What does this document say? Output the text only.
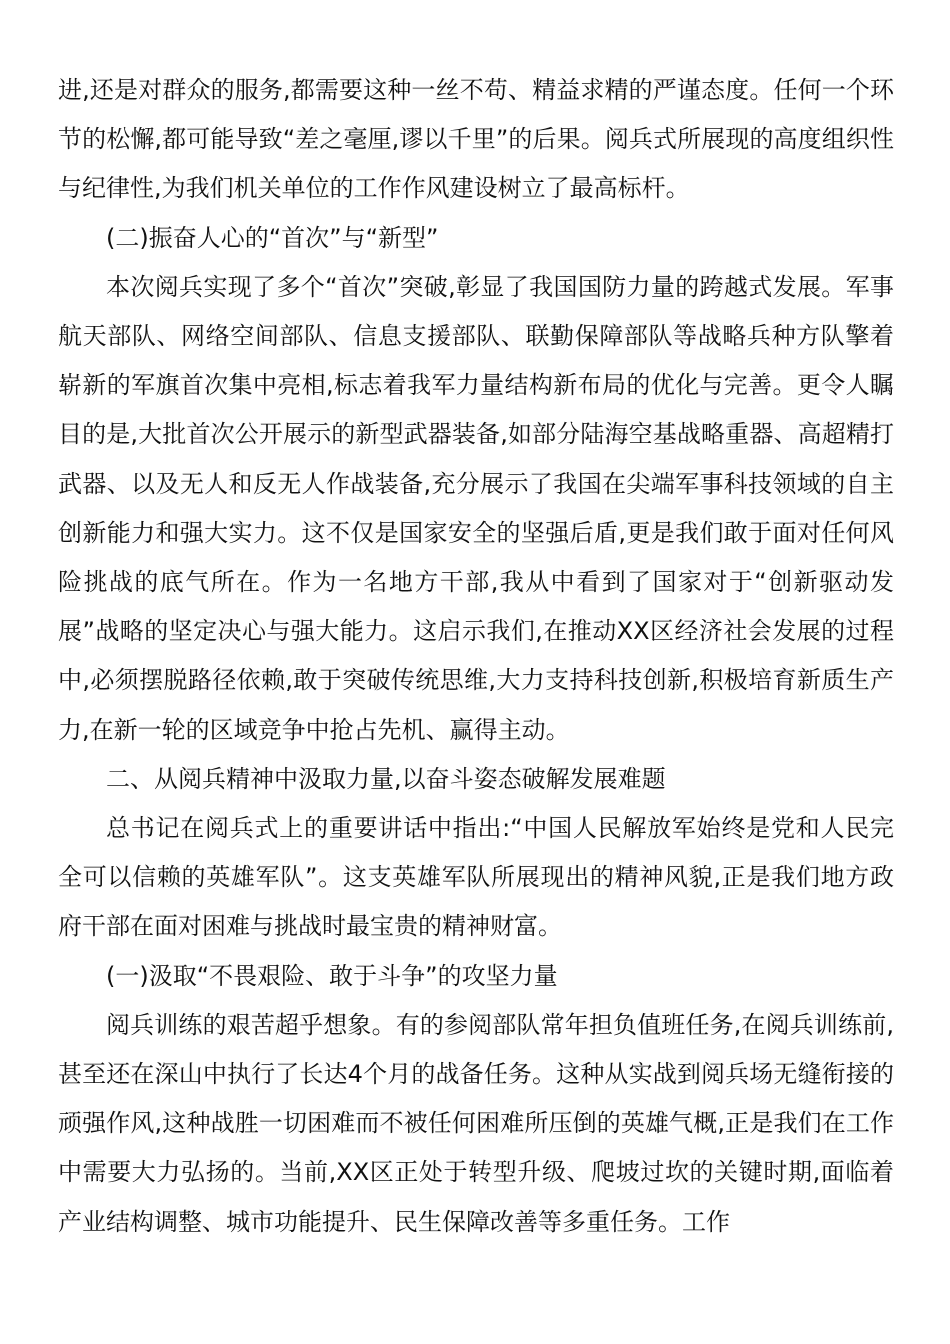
进,还是对群众的服务,都需要这种一丝不苟、精益求精的严谨态度。任何一个环节的松懈,都可能导致“差之毫厘,谬以千里”的后果。阅兵式所展现的高度组织性与纪律性,为我们机关单位的工作作风建设树立了最高标杆。

(二)振奋人心的“首次”与“新型”

本次阅兵实现了多个“首次”突破,彰显了我国国防力量的跨越式发展。军事航天部队、网络空间部队、信息支援部队、联勤保障部队等战略兵种方队擎着崭新的军旗首次集中亮相,标志着我军力量结构新布局的优化与完善。更令人瞩目的是,大批首次公开展示的新型武器装备,如部分陆海空基战略重器、高超精打武器、以及无人和反无人作战装备,充分展示了我国在尖端军事科技领域的自主创新能力和强大实力。这不仅是国家安全的坚强后盾,更是我们敢于面对任何风险挑战的底气所在。作为一名地方干部,我从中看到了国家对于“创新驱动发展”战略的坚定决心与强大能力。这启示我们,在推动XX区经济社会发展的过程中,必须摆脱路径依赖,敢于突破传统思维,大力支持科技创新,积极培育新质生产力,在新一轮的区域竞争中抢占先机、赢得主动。

二、从阅兵精神中汲取力量,以奋斗姿态破解发展难题

总书记在阅兵式上的重要讲话中指出:“中国人民解放军始终是党和人民完全可以信赖的英雄军队”。这支英雄军队所展现出的精神风貌,正是我们地方政府干部在面对困难与挑战时最宝贵的精神财富。

(一)汲取“不畏艰险、敢于斗争”的攻坚力量

阅兵训练的艰苦超乎想象。有的参阅部队常年担负值班任务,在阅兵训练前,甚至还在深山中执行了长达4个月的战备任务。这种从实战到阅兵场无缝衔接的顽强作风,这种战胜一切困难而不被任何困难所压倒的英雄气概,正是我们在工作中需要大力弘扬的。当前,XX区正处于转型升级、爬坡过坎的关键时期,面临着产业结构调整、城市功能提升、民生保障改善等多重任务。工作
